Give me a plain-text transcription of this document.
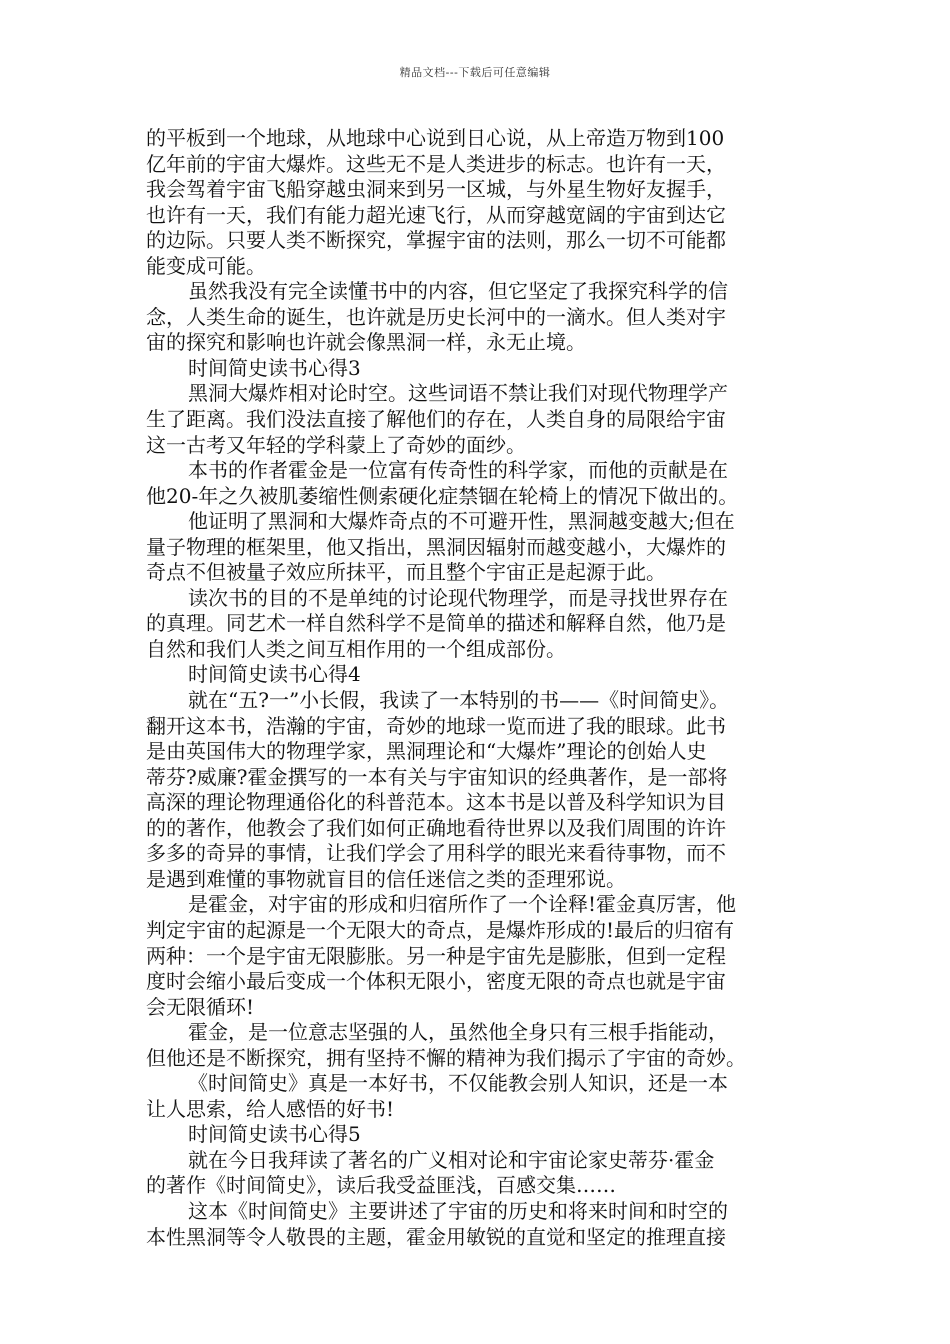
精品文档---下载后可任意编辑
的平板到一个地球，从地球中心说到日心说，从上帝造万物到100
亿年前的宇宙大爆炸。这些无不是人类进步的标志。也许有一天，
我会驾着宇宙飞船穿越虫洞来到另一区城，与外星生物好友握手，
也许有一天，我们有能力超光速飞行，从而穿越宽阔的宇宙到达它
的边际。只要人类不断探究，掌握宇宙的法则，那么一切不可能都
能变成可能。
虽然我没有完全读懂书中的内容，但它坚定了我探究科学的信
念，人类生命的诞生，也许就是历史长河中的一滴水。但人类对宇
宙的探究和影响也许就会像黑洞一样，永无止境。
时间简史读书心得3
黑洞大爆炸相对论时空。这些词语不禁让我们对现代物理学产
生了距离。我们没法直接了解他们的存在，人类自身的局限给宇宙
这一古考又年轻的学科蒙上了奇妙的面纱。
本书的作者霍金是一位富有传奇性的科学家，而他的贡献是在
他20-年之久被肌萎缩性侧索硬化症禁锢在轮椅上的情况下做出的。
他证明了黑洞和大爆炸奇点的不可避开性，黑洞越变越大;但在
量子物理的框架里，他又指出，黑洞因辐射而越变越小，大爆炸的
奇点不但被量子效应所抹平，而且整个宇宙正是起源于此。
读次书的目的不是单纯的讨论现代物理学，而是寻找世界存在
的真理。同艺术一样自然科学不是简单的描述和解释自然，他乃是
自然和我们人类之间互相作用的一个组成部份。
时间简史读书心得4
就在“五?一”小长假，我读了一本特别的书——《时间简史》。
翻开这本书，浩瀚的宇宙，奇妙的地球一览而进了我的眼球。此书
是由英国伟大的物理学家，黑洞理论和“大爆炸”理论的创始人史
蒂芬?威廉?霍金撰写的一本有关与宇宙知识的经典著作，是一部将
高深的理论物理通俗化的科普范本。这本书是以普及科学知识为目
的的著作，他教会了我们如何正确地看待世界以及我们周围的许许
多多的奇异的事情，让我们学会了用科学的眼光来看待事物，而不
是遇到难懂的事物就盲目的信任迷信之类的歪理邪说。
是霍金，对宇宙的形成和归宿所作了一个诠释!霍金真厉害，他
判定宇宙的起源是一个无限大的奇点，是爆炸形成的!最后的归宿有
两种：一个是宇宙无限膨胀。另一种是宇宙先是膨胀，但到一定程
度时会缩小最后变成一个体积无限小，密度无限的奇点也就是宇宙
会无限循环!
霍金，是一位意志坚强的人，虽然他全身只有三根手指能动，
但他还是不断探究，拥有坚持不懈的精神为我们揭示了宇宙的奇妙。
《时间简史》真是一本好书，不仅能教会别人知识，还是一本
让人思索，给人感悟的好书!
时间简史读书心得5
就在今日我拜读了著名的广义相对论和宇宙论家史蒂芬·霍金
的著作《时间简史》，读后我受益匪浅，百感交集……
这本《时间简史》主要讲述了宇宙的历史和将来时间和时空的
本性黑洞等令人敬畏的主题，霍金用敏锐的直觉和坚定的推理直接
